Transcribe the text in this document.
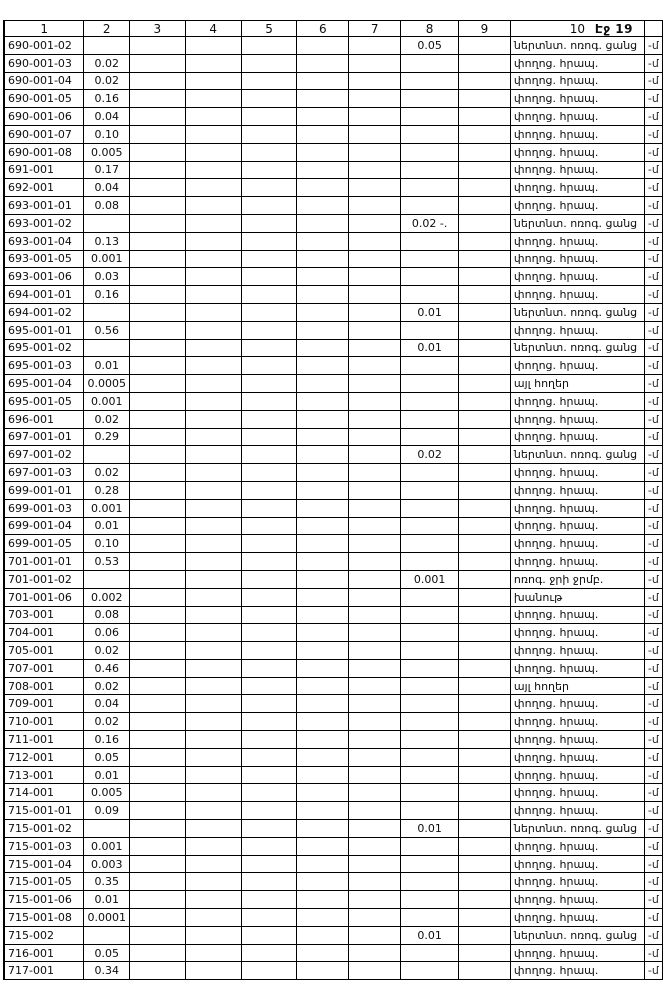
Էջ 19
1	2	3	4	5	6	7	8	9	10	
690-001-02							0.05		ներտնտ. ոռոգ. ցանց	-մ
690-001-03	0.02								փողոց. հրապ.	-մ
690-001-04	0.02								փողոց. հրապ.	-մ
690-001-05	0.16								փողոց. հրապ.	-մ
690-001-06	0.04								փողոց. հրապ.	-մ
690-001-07	0.10								փողոց. հրապ.	-մ
690-001-08	0.005								փողոց. հրապ.	-մ
691-001	0.17								փողոց. հրապ.	-մ
692-001	0.04								փողոց. հրապ.	-մ
693-001-01	0.08								փողոց. հրապ.	-մ
693-001-02							0.02 -.		ներտնտ. ոռոգ. ցանց	-մ
693-001-04	0.13								փողոց. հրապ.	-մ
693-001-05	0.001								փողոց. հրապ.	-մ
693-001-06	0.03								փողոց. հրապ.	-մ
694-001-01	0.16								փողոց. հրապ.	-մ
694-001-02							0.01		ներտնտ. ոռոգ. ցանց	-մ
695-001-01	0.56								փողոց. հրապ.	-մ
695-001-02							0.01		ներտնտ. ոռոգ. ցանց	-մ
695-001-03	0.01								փողոց. հրապ.	-մ
695-001-04	0.0005								այլ հողեր	-մ
695-001-05	0.001								փողոց. հրապ.	-մ
696-001	0.02								փողոց. հրապ.	-մ
697-001-01	0.29								փողոց. հրապ.	-մ
697-001-02							0.02		ներտնտ. ոռոգ. ցանց	-մ
697-001-03	0.02								փողոց. հրապ.	-մ
699-001-01	0.28								փողոց. հրապ.	-մ
699-001-03	0.001								փողոց. հրապ.	-մ
699-001-04	0.01								փողոց. հրապ.	-մ
699-001-05	0.10								փողոց. հրապ.	-մ
701-001-01	0.53								փողոց. հրապ.	-մ
701-001-02							0.001		ոռոգ. ջրի ջրմբ.	-մ
701-001-06	0.002								խանութ	-մ
703-001	0.08								փողոց. հրապ.	-մ
704-001	0.06								փողոց. հրապ.	-մ
705-001	0.02								փողոց. հրապ.	-մ
707-001	0.46								փողոց. հրապ.	-մ
708-001	0.02								այլ հողեր	-մ
709-001	0.04								փողոց. հրապ.	-մ
710-001	0.02								փողոց. հրապ.	-մ
711-001	0.16								փողոց. հրապ.	-մ
712-001	0.05								փողոց. հրապ.	-մ
713-001	0.01								փողոց. հրապ.	-մ
714-001	0.005								փողոց. հրապ.	-մ
715-001-01	0.09								փողոց. հրապ.	-մ
715-001-02							0.01		ներտնտ. ոռոգ. ցանց	-մ
715-001-03	0.001								փողոց. հրապ.	-մ
715-001-04	0.003								փողոց. հրապ.	-մ
715-001-05	0.35								փողոց. հրապ.	-մ
715-001-06	0.01								փողոց. հրապ.	-մ
715-001-08	0.0001								փողոց. հրապ.	-մ
715-002							0.01		ներտնտ. ոռոգ. ցանց	-մ
716-001	0.05								փողոց. հրապ.	-մ
717-001	0.34								փողոց. հրապ.	-մ
